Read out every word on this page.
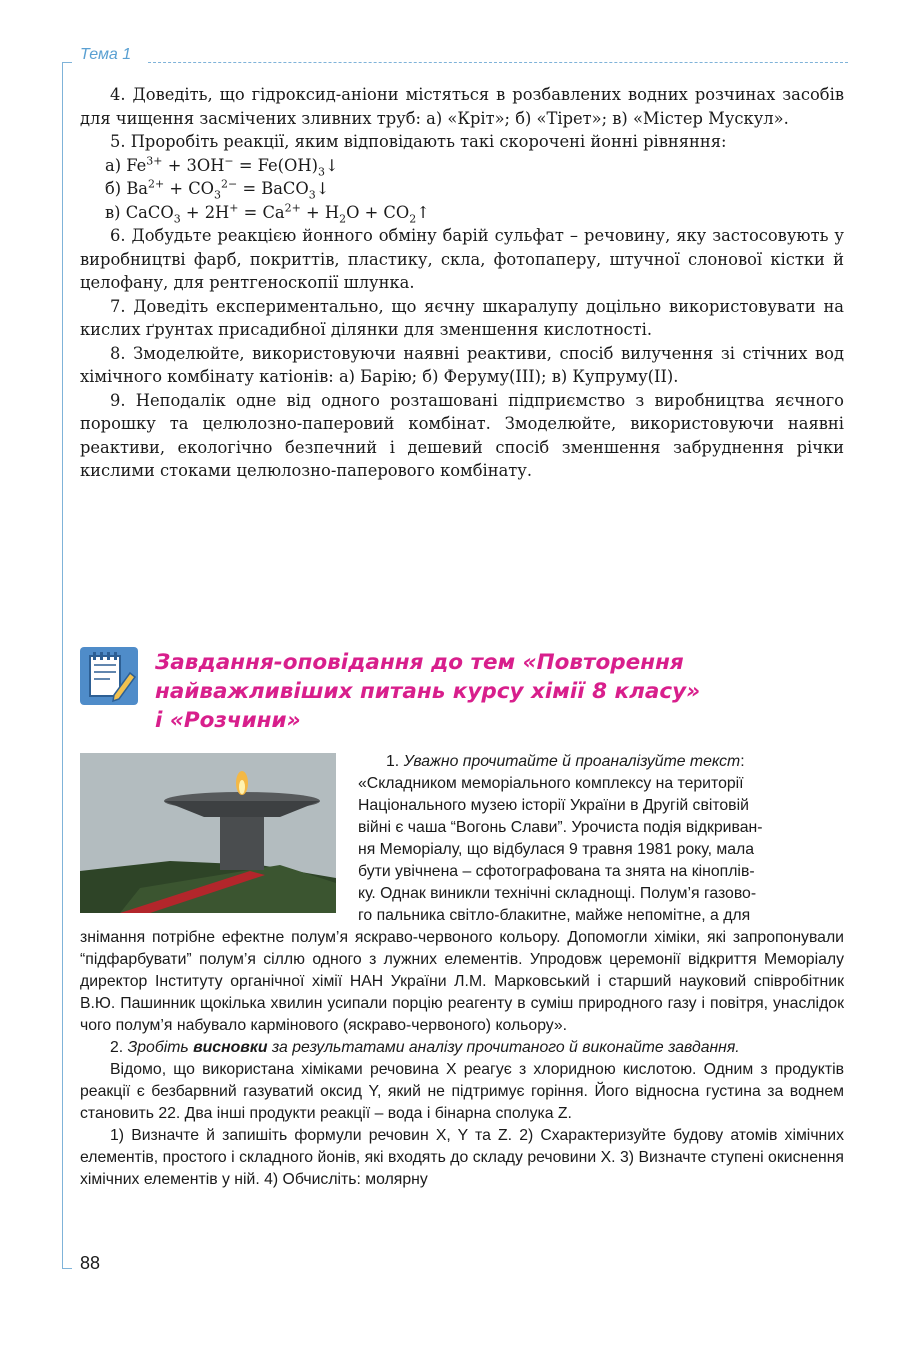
Тема 1

4. Доведіть, що гідроксид-аніони містяться в розбавлених водних розчинах засобів для чищення засмічених зливних труб: а) «Кріт»; б) «Тірет»; в) «Містер Мускул».

5. Проробіть реакції, яким відповідають такі скорочені йонні рівняння:

а) $Fe^{3+} + 3OH^-$ = $Fe(OH)_3↓$
б) $Ba^{2+} + CO_3^{2-}$ = BaCO$_3$↓
в) CaCO$_3$ + $2H^+ = Ca^{2+} + H_2O$ + $CO_2↑$

6. Добудьте реакцією йонного обміну барій сульфат – речовину, яку застосовують у виробництві фарб, покриттів, пластику, скла, фотопаперу, штучної слонової кістки й целофану, для рентгеноскопії шлунка.

7. Доведіть експериментально, що яєчну шкаралупу доцільно використовувати на кислих ґрунтах присадибної ділянки для зменшення кислотності.

8. Змоделюйте, використовуючи наявні реактиви, спосіб вилучення зі стічних вод хімічного комбінату катіонів: а) Барію; б) Феруму(ІІІ); в) Купруму(ІІ).

9. Неподалік одне від одного розташовані підприємство з виробництва яєчного порошку та целюлозно-паперовий комбінат. Змоделюйте, використовуючи наявні реактиви, екологічно безпечний і дешевий спосіб зменшення забруднення річки кислими стоками целюлозно-паперового комбінату.

Завдання-оповідання до тем «Повторення
найважливіших питань курсу хімії 8 класу»
і «Розчини»

1. Уважно прочитайте й проаналізуйте текст:

«Складником меморіального комплексу на території

Національного музею історії України в Другій світовій

війні є чаша “Вогонь Слави”. Урочиста подія відкриван-

ня Меморіалу, що відбулася 9 травня 1981 року, мала

бути увічнена – сфотографована та знята на кіноплів-

ку. Однак виникли технічні складнощі. Полум’я газово-

го пальника світло-блакитне, майже непомітне, а для

знімання потрібне ефектне полум’я яскраво-червоного кольору. Допомогли хіміки, які запропонували “підфарбувати” полум’я сіллю одного з лужних елементів. Упродовж церемонії відкриття Меморіалу директор Інституту органічної хімії НАН України Л.М. Марковський і старший науковий співробітник В.Ю. Пашинник щокілька хвилин усипали порцію реагенту в суміш природного газу і повітря, унаслідок чого полум’я набувало кармінового (яскраво-червоного) кольору».

2. Зробіть висновки за результатами аналізу прочитаного й виконайте завдання.

Відомо, що використана хіміками речовина X реагує з хлоридною кислотою. Одним з продуктів реакції є безбарвний газуватий оксид Y, який не підтримує горіння. Його відносна густина за воднем становить 22. Два інші продукти реакції – вода і бінарна сполука Z.

1) Визначте й запишіть формули речовин X, Y та Z. 2) Схарактеризуйте будову атомів хімічних елементів, простого і складного йонів, які входять до складу речовини X. 3) Визначте ступені окиснення хімічних елементів у ній. 4) Обчисліть: молярну

88
